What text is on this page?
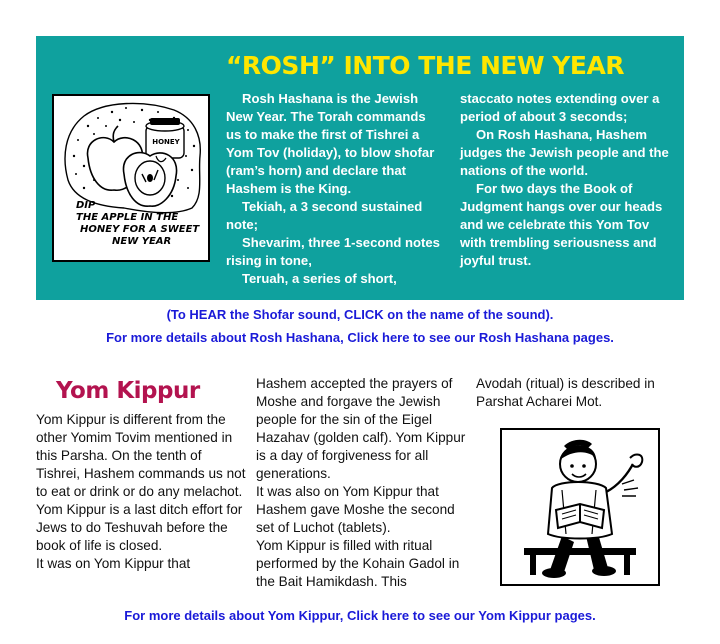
“ROSH” INTO THE NEW YEAR
DIP
THE APPLE IN THE
HONEY FOR A SWEET
NEW YEAR
HONEY

Rosh Hashana is the Jewish New Year. The Torah commands us to make the first of Tishrei a Yom Tov (holiday), to blow shofar (ram’s horn) and declare that Hashem is the King.

Tekiah, a 3 second sustained note;

Shevarim, three 1-second notes rising in tone,

Teruah, a series of short,

staccato notes extending over a period of about 3 seconds;

On Rosh Hashana, Hashem judges the Jewish people and the nations of the world.

For two days the Book of Judgment hangs over our heads and we celebrate this Yom Tov with trembling seriousness and joyful trust.

(To HEAR the Shofar sound, CLICK on the name of the sound).
For more details about Rosh Hashana, Click here to see our Rosh Hashana pages.
Yom Kippur

Yom Kippur is different from the other Yomim Tovim mentioned in this Parsha. On the tenth of Tishrei, Hashem commands us not to eat or drink or do any melachot.

Yom Kippur is a last ditch effort for Jews to do Teshuvah before the book of life is closed.

It was on Yom Kippur that

Hashem accepted the prayers of Moshe and forgave the Jewish people for the sin of the Eigel Hazahav (golden calf). Yom Kippur is a day of forgiveness for all generations.

It was also on Yom Kippur that Hashem gave Moshe the second set of Luchot (tablets).

Yom Kippur is filled with ritual performed by the Kohain Gadol in the Bait Hamikdash. This

Avodah (ritual) is described in Parshat Acharei Mot.

For more details about Yom Kippur, Click here to see our Yom Kippur pages.
